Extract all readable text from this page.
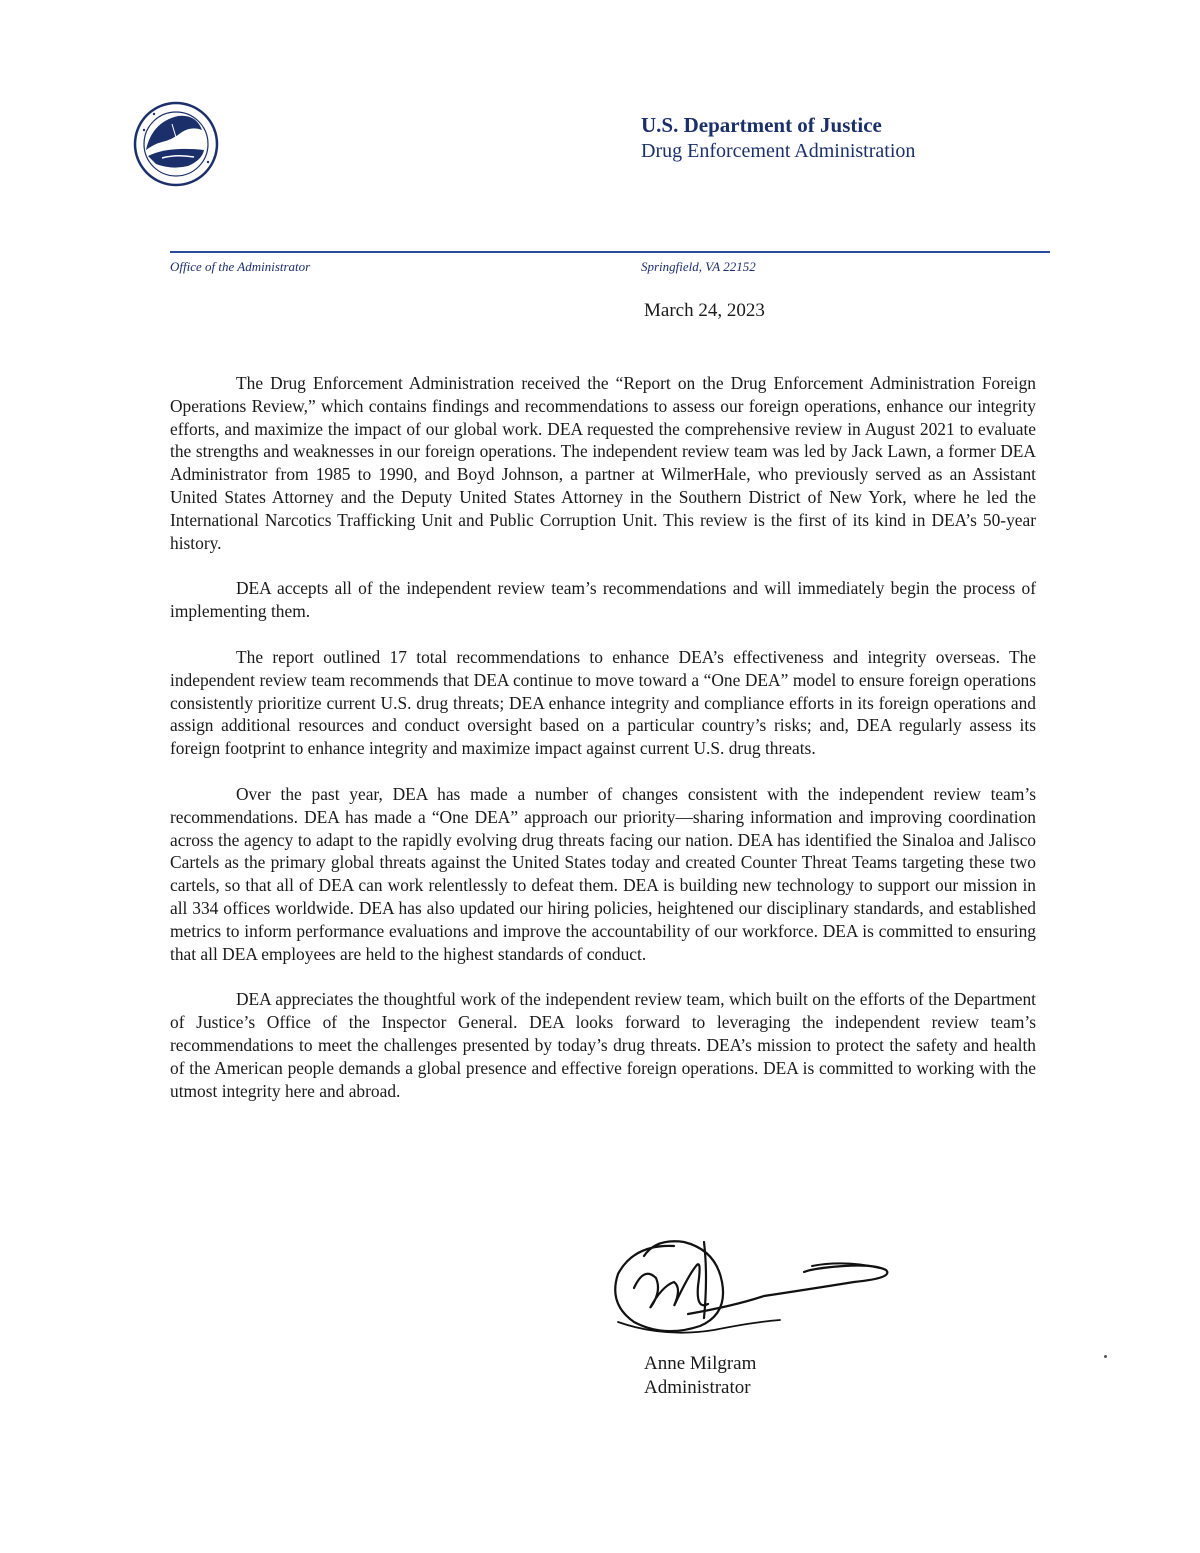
U.S. Department of Justice
Drug Enforcement Administration
Office of the Administrator	Springfield, VA 22152
March 24, 2023

The Drug Enforcement Administration received the “Report on the Drug Enforcement Administration Foreign Operations Review,” which contains findings and recommendations to assess our foreign operations, enhance our integrity efforts, and maximize the impact of our global work. DEA requested the comprehensive review in August 2021 to evaluate the strengths and weaknesses in our foreign operations. The independent review team was led by Jack Lawn, a former DEA Administrator from 1985 to 1990, and Boyd Johnson, a partner at WilmerHale, who previously served as an Assistant United States Attorney and the Deputy United States Attorney in the Southern District of New York, where he led the International Narcotics Trafficking Unit and Public Corruption Unit. This review is the first of its kind in DEA’s 50-year history.

DEA accepts all of the independent review team’s recommendations and will immediately begin the process of implementing them.

The report outlined 17 total recommendations to enhance DEA’s effectiveness and integrity overseas. The independent review team recommends that DEA continue to move toward a “One DEA” model to ensure foreign operations consistently prioritize current U.S. drug threats; DEA enhance integrity and compliance efforts in its foreign operations and assign additional resources and conduct oversight based on a particular country’s risks; and, DEA regularly assess its foreign footprint to enhance integrity and maximize impact against current U.S. drug threats.

Over the past year, DEA has made a number of changes consistent with the independent review team’s recommendations. DEA has made a “One DEA” approach our priority—sharing information and improving coordination across the agency to adapt to the rapidly evolving drug threats facing our nation. DEA has identified the Sinaloa and Jalisco Cartels as the primary global threats against the United States today and created Counter Threat Teams targeting these two cartels, so that all of DEA can work relentlessly to defeat them. DEA is building new technology to support our mission in all 334 offices worldwide. DEA has also updated our hiring policies, heightened our disciplinary standards, and established metrics to inform performance evaluations and improve the accountability of our workforce. DEA is committed to ensuring that all DEA employees are held to the highest standards of conduct.

DEA appreciates the thoughtful work of the independent review team, which built on the efforts of the Department of Justice’s Office of the Inspector General. DEA looks forward to leveraging the independent review team’s recommendations to meet the challenges presented by today’s drug threats. DEA’s mission to protect the safety and health of the American people demands a global presence and effective foreign operations. DEA is committed to working with the utmost integrity here and abroad.

Anne Milgram
Administrator
